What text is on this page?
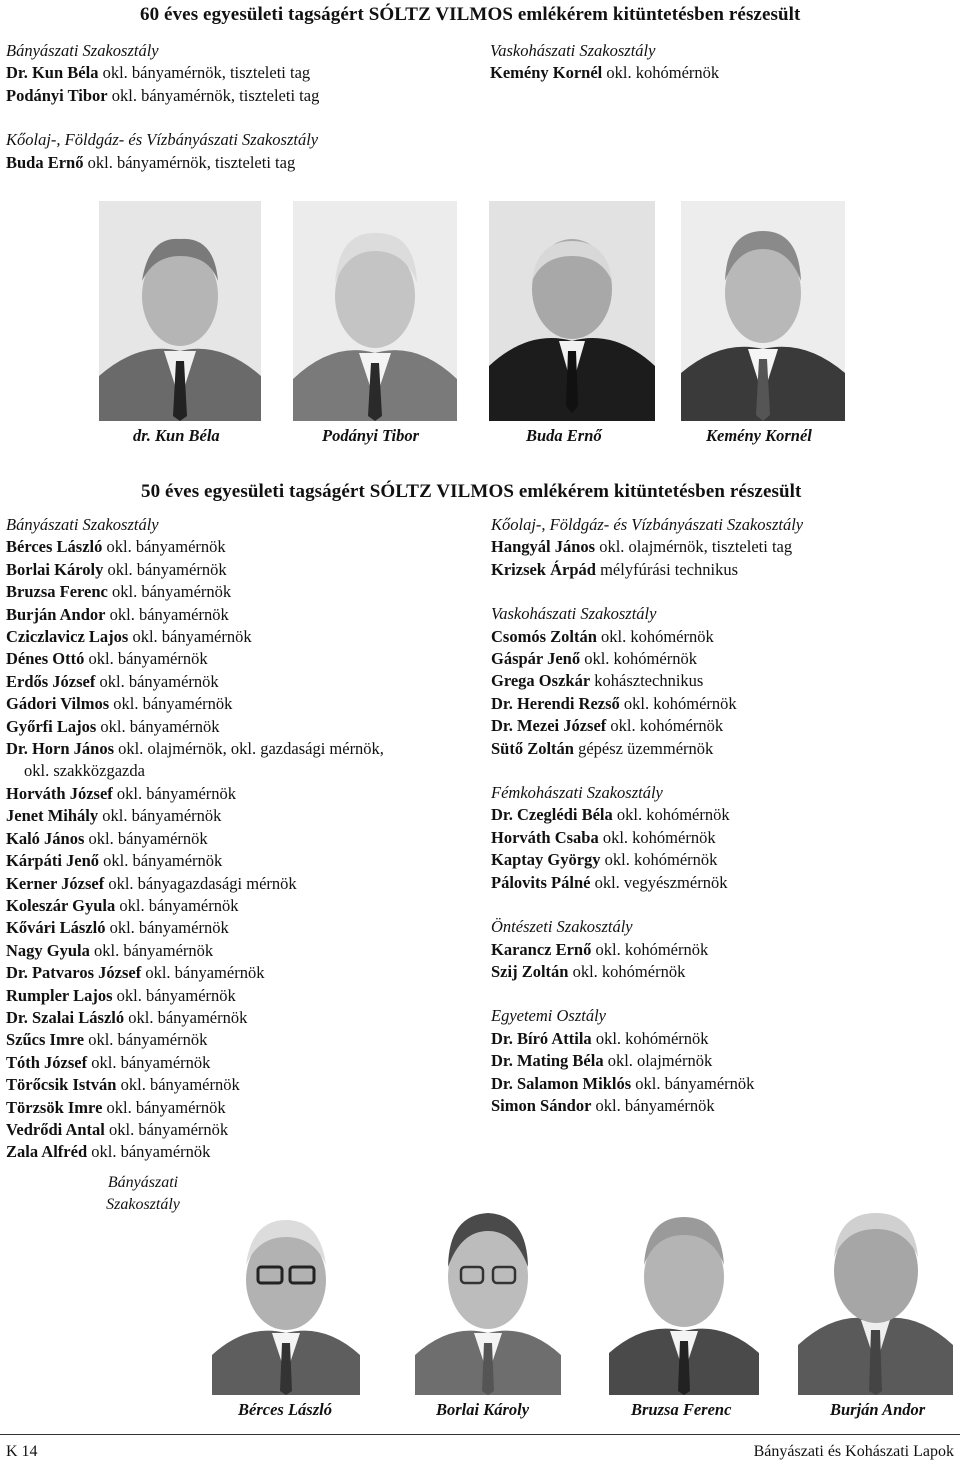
60 éves egyesületi tagságért SÓLTZ VILMOS emlékérem kitüntetésben részesült
Bányászati Szakosztály
Dr. Kun Béla okl. bányamérnök, tiszteleti tag
Podányi Tibor okl. bányamérnök, tiszteleti tag
Kőolaj-, Földgáz- és Vízbányászati Szakosztály
Buda Ernő okl. bányamérnök, tiszteleti tag
Vaskohászati Szakosztály
Kemény Kornél okl. kohómérnök
dr. Kun Béla	Podányi Tibor	Buda Ernő	Kemény Kornél
50 éves egyesületi tagságért SÓLTZ VILMOS emlékérem kitüntetésben részesült
Bányászati Szakosztály
Bérces László okl. bányamérnök
Borlai Károly okl. bányamérnök
Bruzsa Ferenc okl. bányamérnök
Burján Andor okl. bányamérnök
Cziczlavicz Lajos okl. bányamérnök
Dénes Ottó okl. bányamérnök
Erdős József okl. bányamérnök
Gádori Vilmos okl. bányamérnök
Győrfi Lajos okl. bányamérnök
Dr. Horn János okl. olajmérnök, okl. gazdasági mérnök,
okl. szakközgazda
Horváth József okl. bányamérnök
Jenet Mihály okl. bányamérnök
Kaló János okl. bányamérnök
Kárpáti Jenő okl. bányamérnök
Kerner József okl. bányagazdasági mérnök
Koleszár Gyula okl. bányamérnök
Kővári László okl. bányamérnök
Nagy Gyula okl. bányamérnök
Dr. Patvaros József okl. bányamérnök
Rumpler Lajos okl. bányamérnök
Dr. Szalai László okl. bányamérnök
Szűcs Imre okl. bányamérnök
Tóth József okl. bányamérnök
Törőcsik István okl. bányamérnök
Törzsök Imre okl. bányamérnök
Vedrődi Antal okl. bányamérnök
Zala Alfréd okl. bányamérnök
Kőolaj-, Földgáz- és Vízbányászati Szakosztály
Hangyál János okl. olajmérnök, tiszteleti tag
Krizsek Árpád mélyfúrási technikus
Vaskohászati Szakosztály
Csomós Zoltán okl. kohómérnök
Gáspár Jenő okl. kohómérnök
Grega Oszkár kohásztechnikus
Dr. Herendi Rezső okl. kohómérnök
Dr. Mezei József okl. kohómérnök
Sütő Zoltán gépész üzemmérnök
Fémkohászati Szakosztály
Dr. Czeglédi Béla okl. kohómérnök
Horváth Csaba okl. kohómérnök
Kaptay György okl. kohómérnök
Pálovits Pálné okl. vegyészmérnök
Öntészeti Szakosztály
Karancz Ernő okl. kohómérnök
Szij Zoltán okl. kohómérnök
Egyetemi Osztály
Dr. Bíró Attila okl. kohómérnök
Dr. Mating Béla okl. olajmérnök
Dr. Salamon Miklós okl. bányamérnök
Simon Sándor okl. bányamérnök
Bányászati Szakosztály
Bérces László	Borlai Károly	Bruzsa Ferenc	Burján Andor
K 14	Bányászati és Kohászati Lapok
